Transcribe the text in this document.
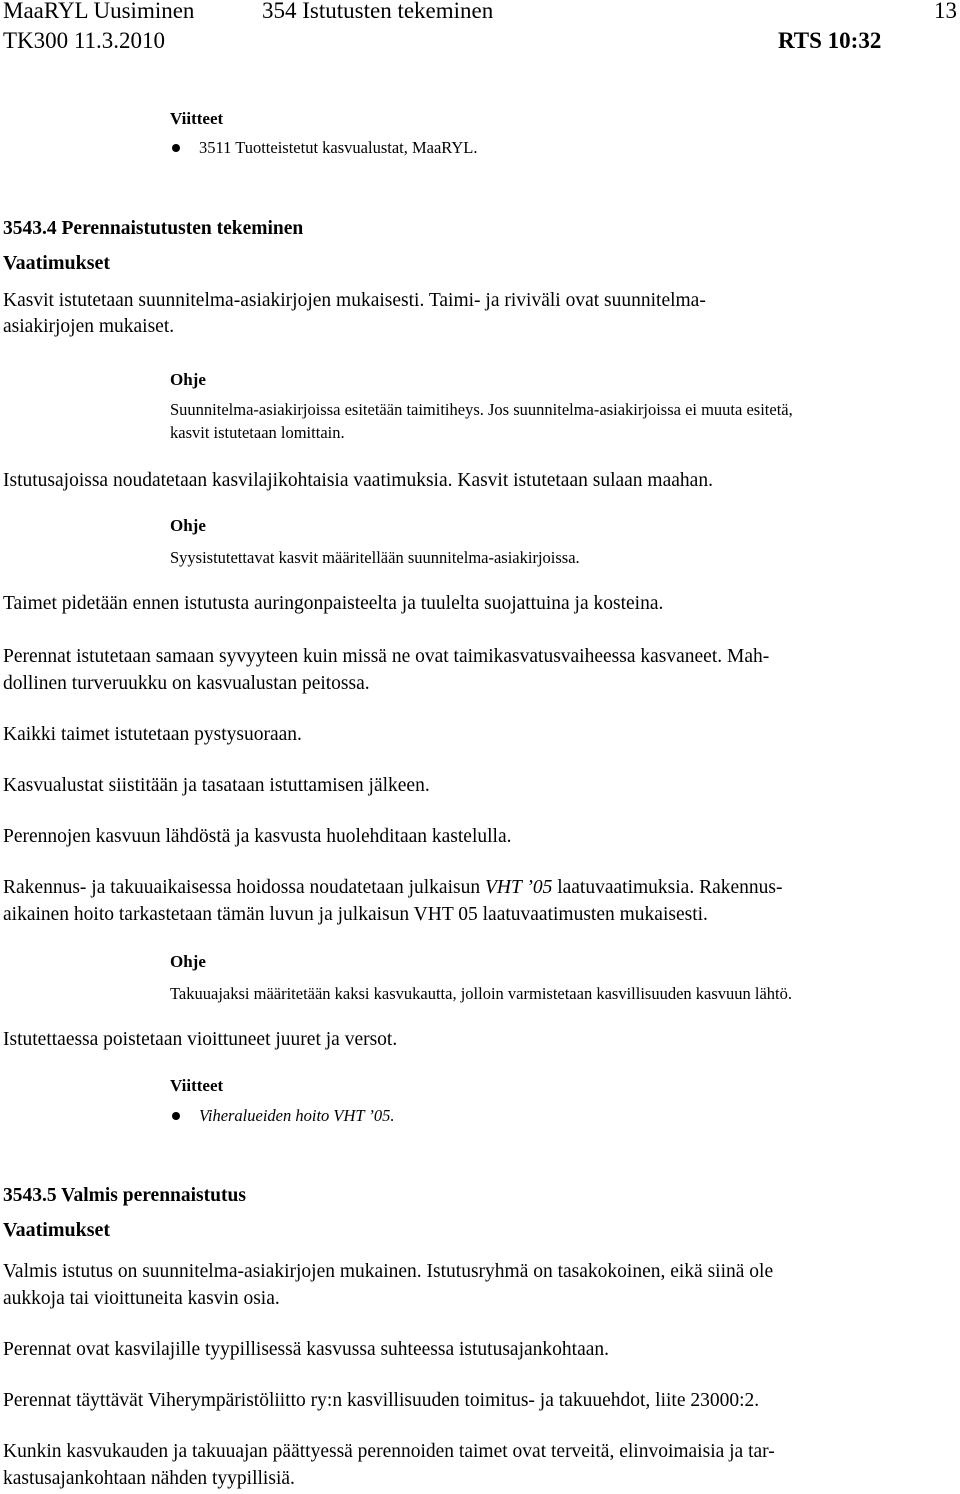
MaaRYL Uusiminen	354 Istutusten tekeminen	13
TK300 11.3.2010	RTS 10:32
Viitteet
3511 Tuotteistetut kasvualustat, MaaRYL.
3543.4 Perennaistutusten tekeminen
Vaatimukset
Kasvit istutetaan suunnitelma-asiakirjojen mukaisesti. Taimi- ja riviväli ovat suunnitelma-
asiakirjojen mukaiset.
Ohje
Suunnitelma-asiakirjoissa esitetään taimitiheys. Jos suunnitelma-asiakirjoissa ei muuta esitetä,
kasvit istutetaan lomittain.
Istutusajoissa noudatetaan kasvilajikohtaisia vaatimuksia. Kasvit istutetaan sulaan maahan.
Ohje
Syysistutettavat kasvit määritellään suunnitelma-asiakirjoissa.
Taimet pidetään ennen istutusta auringonpaisteelta ja tuulelta suojattuina ja kosteina.
Perennat istutetaan samaan syvyyteen kuin missä ne ovat taimikasvatusvaiheessa kasvaneet. Mah-
dollinen turveruukku on kasvualustan peitossa.
Kaikki taimet istutetaan pystysuoraan.
Kasvualustat siistitään ja tasataan istuttamisen jälkeen.
Perennojen kasvuun lähdöstä ja kasvusta huolehditaan kastelulla.
Rakennus- ja takuuaikaisessa hoidossa noudatetaan julkaisun VHT ’05 laatuvaatimuksia. Rakennus-
aikainen hoito tarkastetaan tämän luvun ja julkaisun VHT 05 laatuvaatimusten mukaisesti.
Ohje
Takuuajaksi määritetään kaksi kasvukautta, jolloin varmistetaan kasvillisuuden kasvuun lähtö.
Istutettaessa poistetaan vioittuneet juuret ja versot.
Viitteet
Viheralueiden hoito VHT ’05.
3543.5 Valmis perennaistutus
Vaatimukset
Valmis istutus on suunnitelma-asiakirjojen mukainen. Istutusryhmä on tasakokoinen, eikä siinä ole
aukkoja tai vioittuneita kasvin osia.
Perennat ovat kasvilajille tyypillisessä kasvussa suhteessa istutusajankohtaan.
Perennat täyttävät Viherympäristöliitto ry:n kasvillisuuden toimitus- ja takuuehdot, liite 23000:2.
Kunkin kasvukauden ja takuuajan päättyessä perennoiden taimet ovat terveitä, elinvoimaisia ja tar-
kastusajankohtaan nähden tyypillisiä.
